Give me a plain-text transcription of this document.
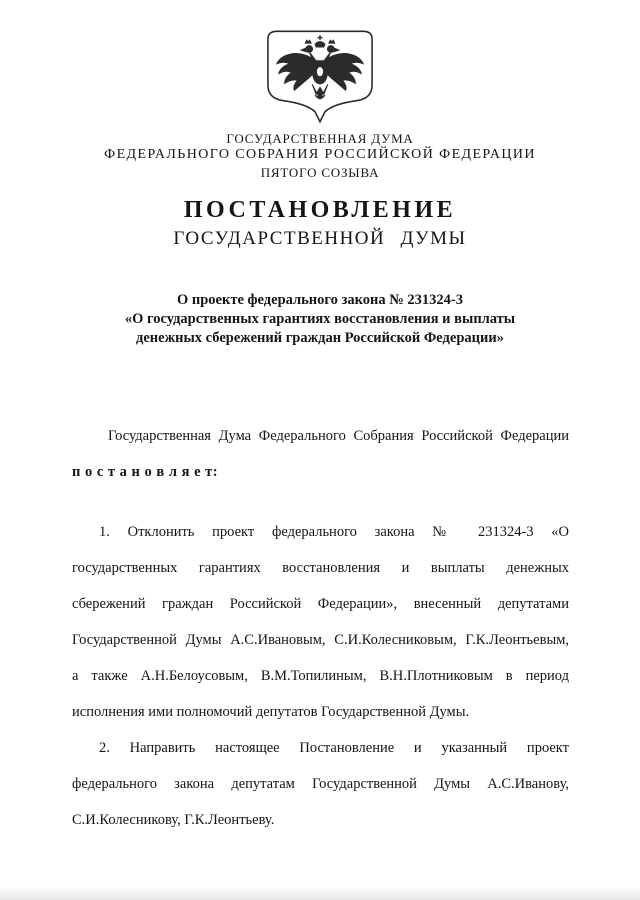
ГОСУДАРСТВЕННАЯ ДУМА
ФЕДЕРАЛЬНОГО СОБРАНИЯ РОССИЙСКОЙ ФЕДЕРАЦИИ
ПЯТОГО СОЗЫВА
ПОСТАНОВЛЕНИЕ
ГОСУДАРСТВЕННОЙ ДУМЫ
О проекте федерального закона № 231324-3
«О государственных гарантиях восстановления и выплаты
денежных сбережений граждан Российской Федерации»
Государственная Дума Федерального Собрания Российской Федерации
п о с т а н о в л я е т:
1. Отклонить проект федерального закона № 231324-3 «О
государственных гарантиях восстановления и выплаты денежных
сбережений граждан Российской Федерации», внесенный депутатами
Государственной Думы А.С.Ивановым, С.И.Колесниковым, Г.К.Леонтьевым,
а также А.Н.Белоусовым, В.М.Топилиным, В.Н.Плотниковым в период
исполнения ими полномочий депутатов Государственной Думы.
2. Направить настоящее Постановление и указанный проект
федерального закона депутатам Государственной Думы А.С.Иванову,
С.И.Колесникову, Г.К.Леонтьеву.
